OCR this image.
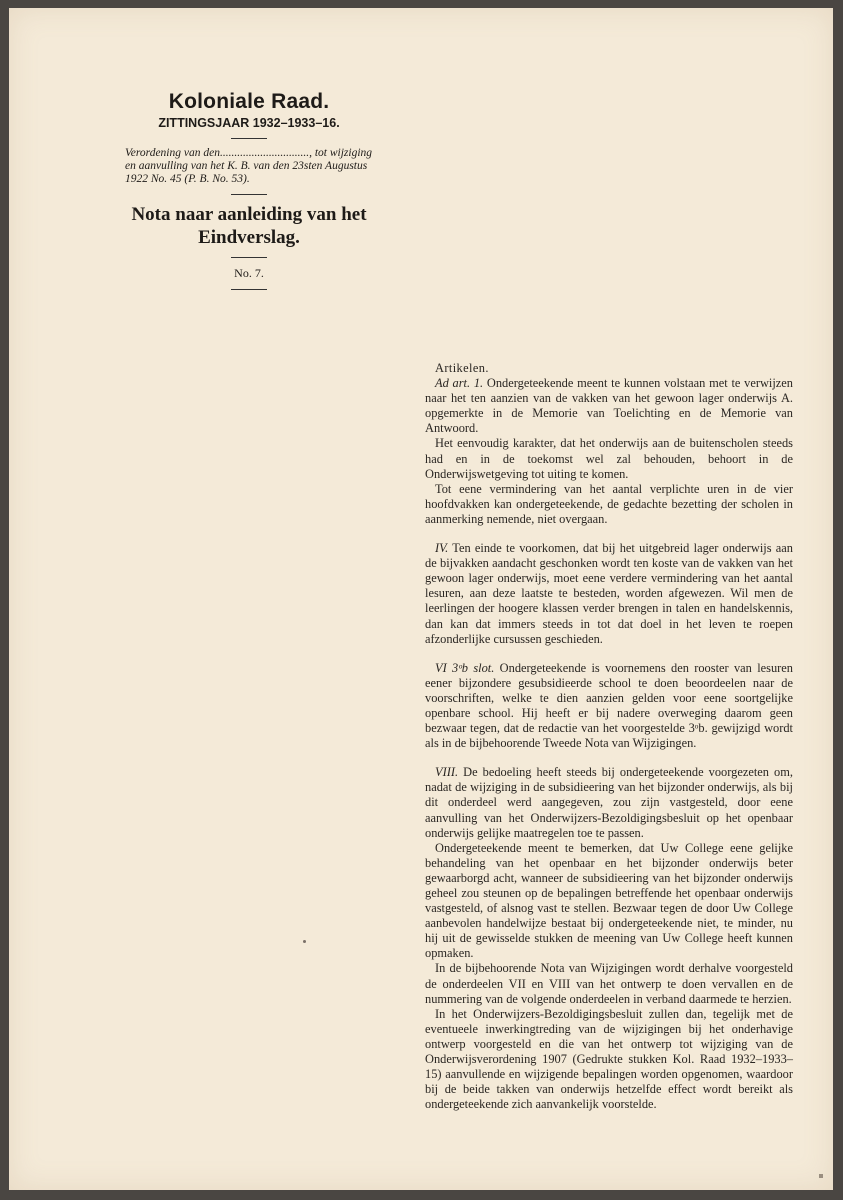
Koloniale Raad.

ZITTINGSJAAR 1932–1933–16.

Verordening van den..............................., tot wijziging en aanvulling van het K. B. van den 23sten Augustus 1922 No. 45 (P. B. No. 53).

Nota naar aanleiding van het Eindverslag.

No. 7.

Artikelen.

Ad art. 1. Ondergeteekende meent te kunnen volstaan met te verwijzen naar het ten aanzien van de vakken van het gewoon lager onderwijs A. opgemerkte in de Memorie van Toelichting en de Memorie van Antwoord.

Het eenvoudig karakter, dat het onderwijs aan de buitenscholen steeds had en in de toekomst wel zal behouden, behoort in de Onderwijswetgeving tot uiting te komen.

Tot eene vermindering van het aantal verplichte uren in de vier hoofdvakken kan ondergeteekende, de gedachte bezetting der scholen in aanmerking nemende, niet overgaan.

IV. Ten einde te voorkomen, dat bij het uitgebreid lager onderwijs aan de bijvakken aandacht geschonken wordt ten koste van de vakken van het gewoon lager onderwijs, moet eene verdere vermindering van het aantal lesuren, aan deze laatste te besteden, worden afgewezen. Wil men de leerlingen der hoogere klassen verder brengen in talen en handelskennis, dan kan dat immers steeds in tot dat doel in het leven te roepen afzonderlijke cursussen geschieden.

VI 3ᵒb slot. Ondergeteekende is voornemens den rooster van lesuren eener bijzondere gesubsidieerde school te doen beoordeelen naar de voorschriften, welke te dien aanzien gelden voor eene soortgelijke openbare school. Hij heeft er bij nadere overweging daarom geen bezwaar tegen, dat de redactie van het voorgestelde 3ᵒb. gewijzigd wordt als in de bijbehoorende Tweede Nota van Wijzigingen.

VIII. De bedoeling heeft steeds bij ondergeteekende voorgezeten om, nadat de wijziging in de subsidieering van het bijzonder onderwijs, als bij dit onderdeel werd aangegeven, zou zijn vastgesteld, door eene aanvulling van het Onderwijzers-Bezoldigingsbesluit op het openbaar onderwijs gelijke maatregelen toe te passen.

Ondergeteekende meent te bemerken, dat Uw College eene gelijke behandeling van het openbaar en het bijzonder onderwijs beter gewaarborgd acht, wanneer de subsidieering van het bijzonder onderwijs geheel zou steunen op de bepalingen betreffende het openbaar onderwijs vastgesteld, of alsnog vast te stellen. Bezwaar tegen de door Uw College aanbevolen handelwijze bestaat bij ondergeteekende niet, te minder, nu hij uit de gewisselde stukken de meening van Uw College heeft kunnen opmaken.

In de bijbehoorende Nota van Wijzigingen wordt derhalve voorgesteld de onderdeelen VII en VIII van het ontwerp te doen vervallen en de nummering van de volgende onderdeelen in verband daarmede te herzien.

In het Onderwijzers-Bezoldigingsbesluit zullen dan, tegelijk met de eventueele inwerkingtreding van de wijzigingen bij het onderhavige ontwerp voorgesteld en die van het ontwerp tot wijziging van de Onderwijsverordening 1907 (Gedrukte stukken Kol. Raad 1932–1933–15) aanvullende en wijzigende bepalingen worden opgenomen, waardoor bij de beide takken van onderwijs hetzelfde effect wordt bereikt als ondergeteekende zich aanvankelijk voorstelde.
